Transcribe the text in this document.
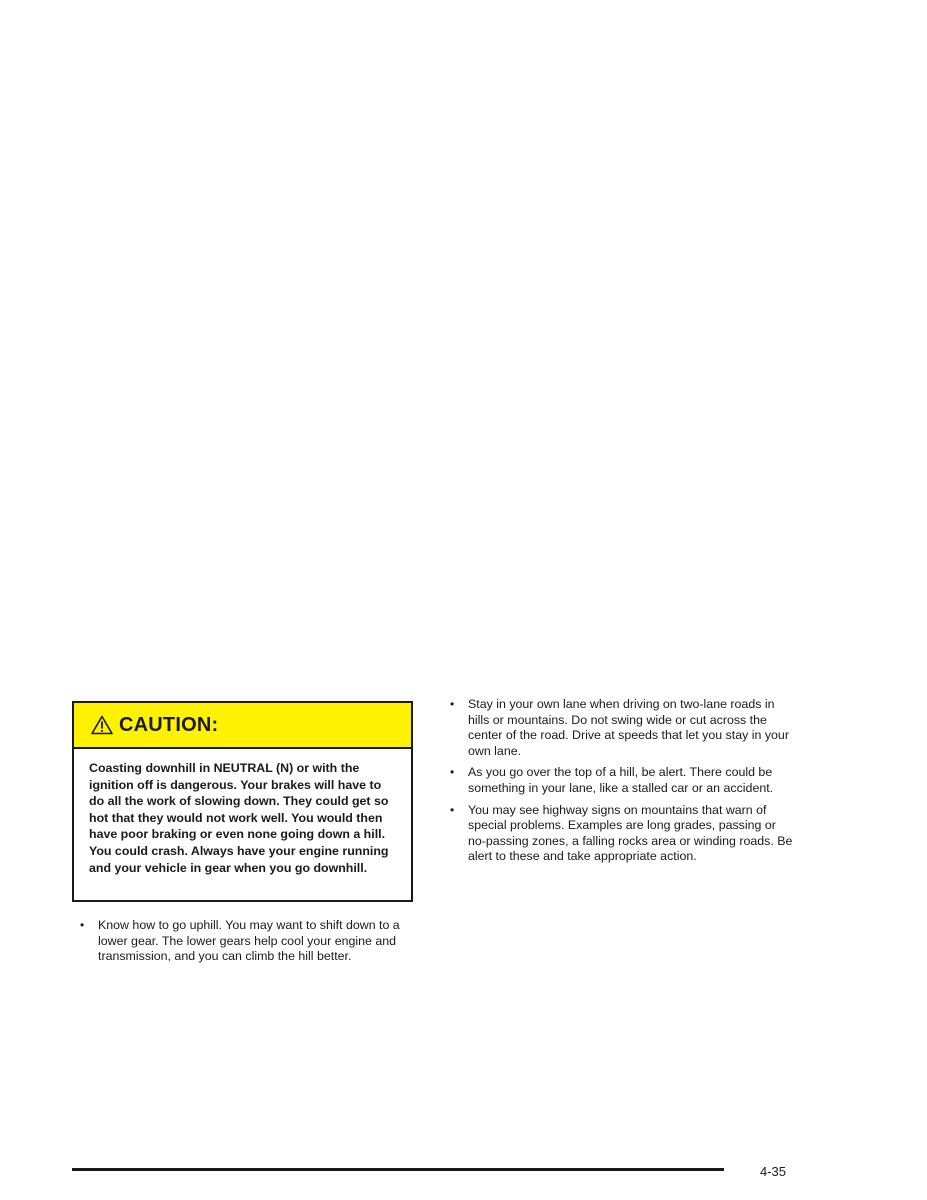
CAUTION:
Coasting downhill in NEUTRAL (N) or with the ignition off is dangerous. Your brakes will have to do all the work of slowing down. They could get so hot that they would not work well. You would then have poor braking or even none going down a hill. You could crash. Always have your engine running and your vehicle in gear when you go downhill.
• Know how to go uphill. You may want to shift down to a lower gear. The lower gears help cool your engine and transmission, and you can climb the hill better.
• Stay in your own lane when driving on two-lane roads in hills or mountains. Do not swing wide or cut across the center of the road. Drive at speeds that let you stay in your own lane.
• As you go over the top of a hill, be alert. There could be something in your lane, like a stalled car or an accident.
• You may see highway signs on mountains that warn of special problems. Examples are long grades, passing or no-passing zones, a falling rocks area or winding roads. Be alert to these and take appropriate action.
4-35
